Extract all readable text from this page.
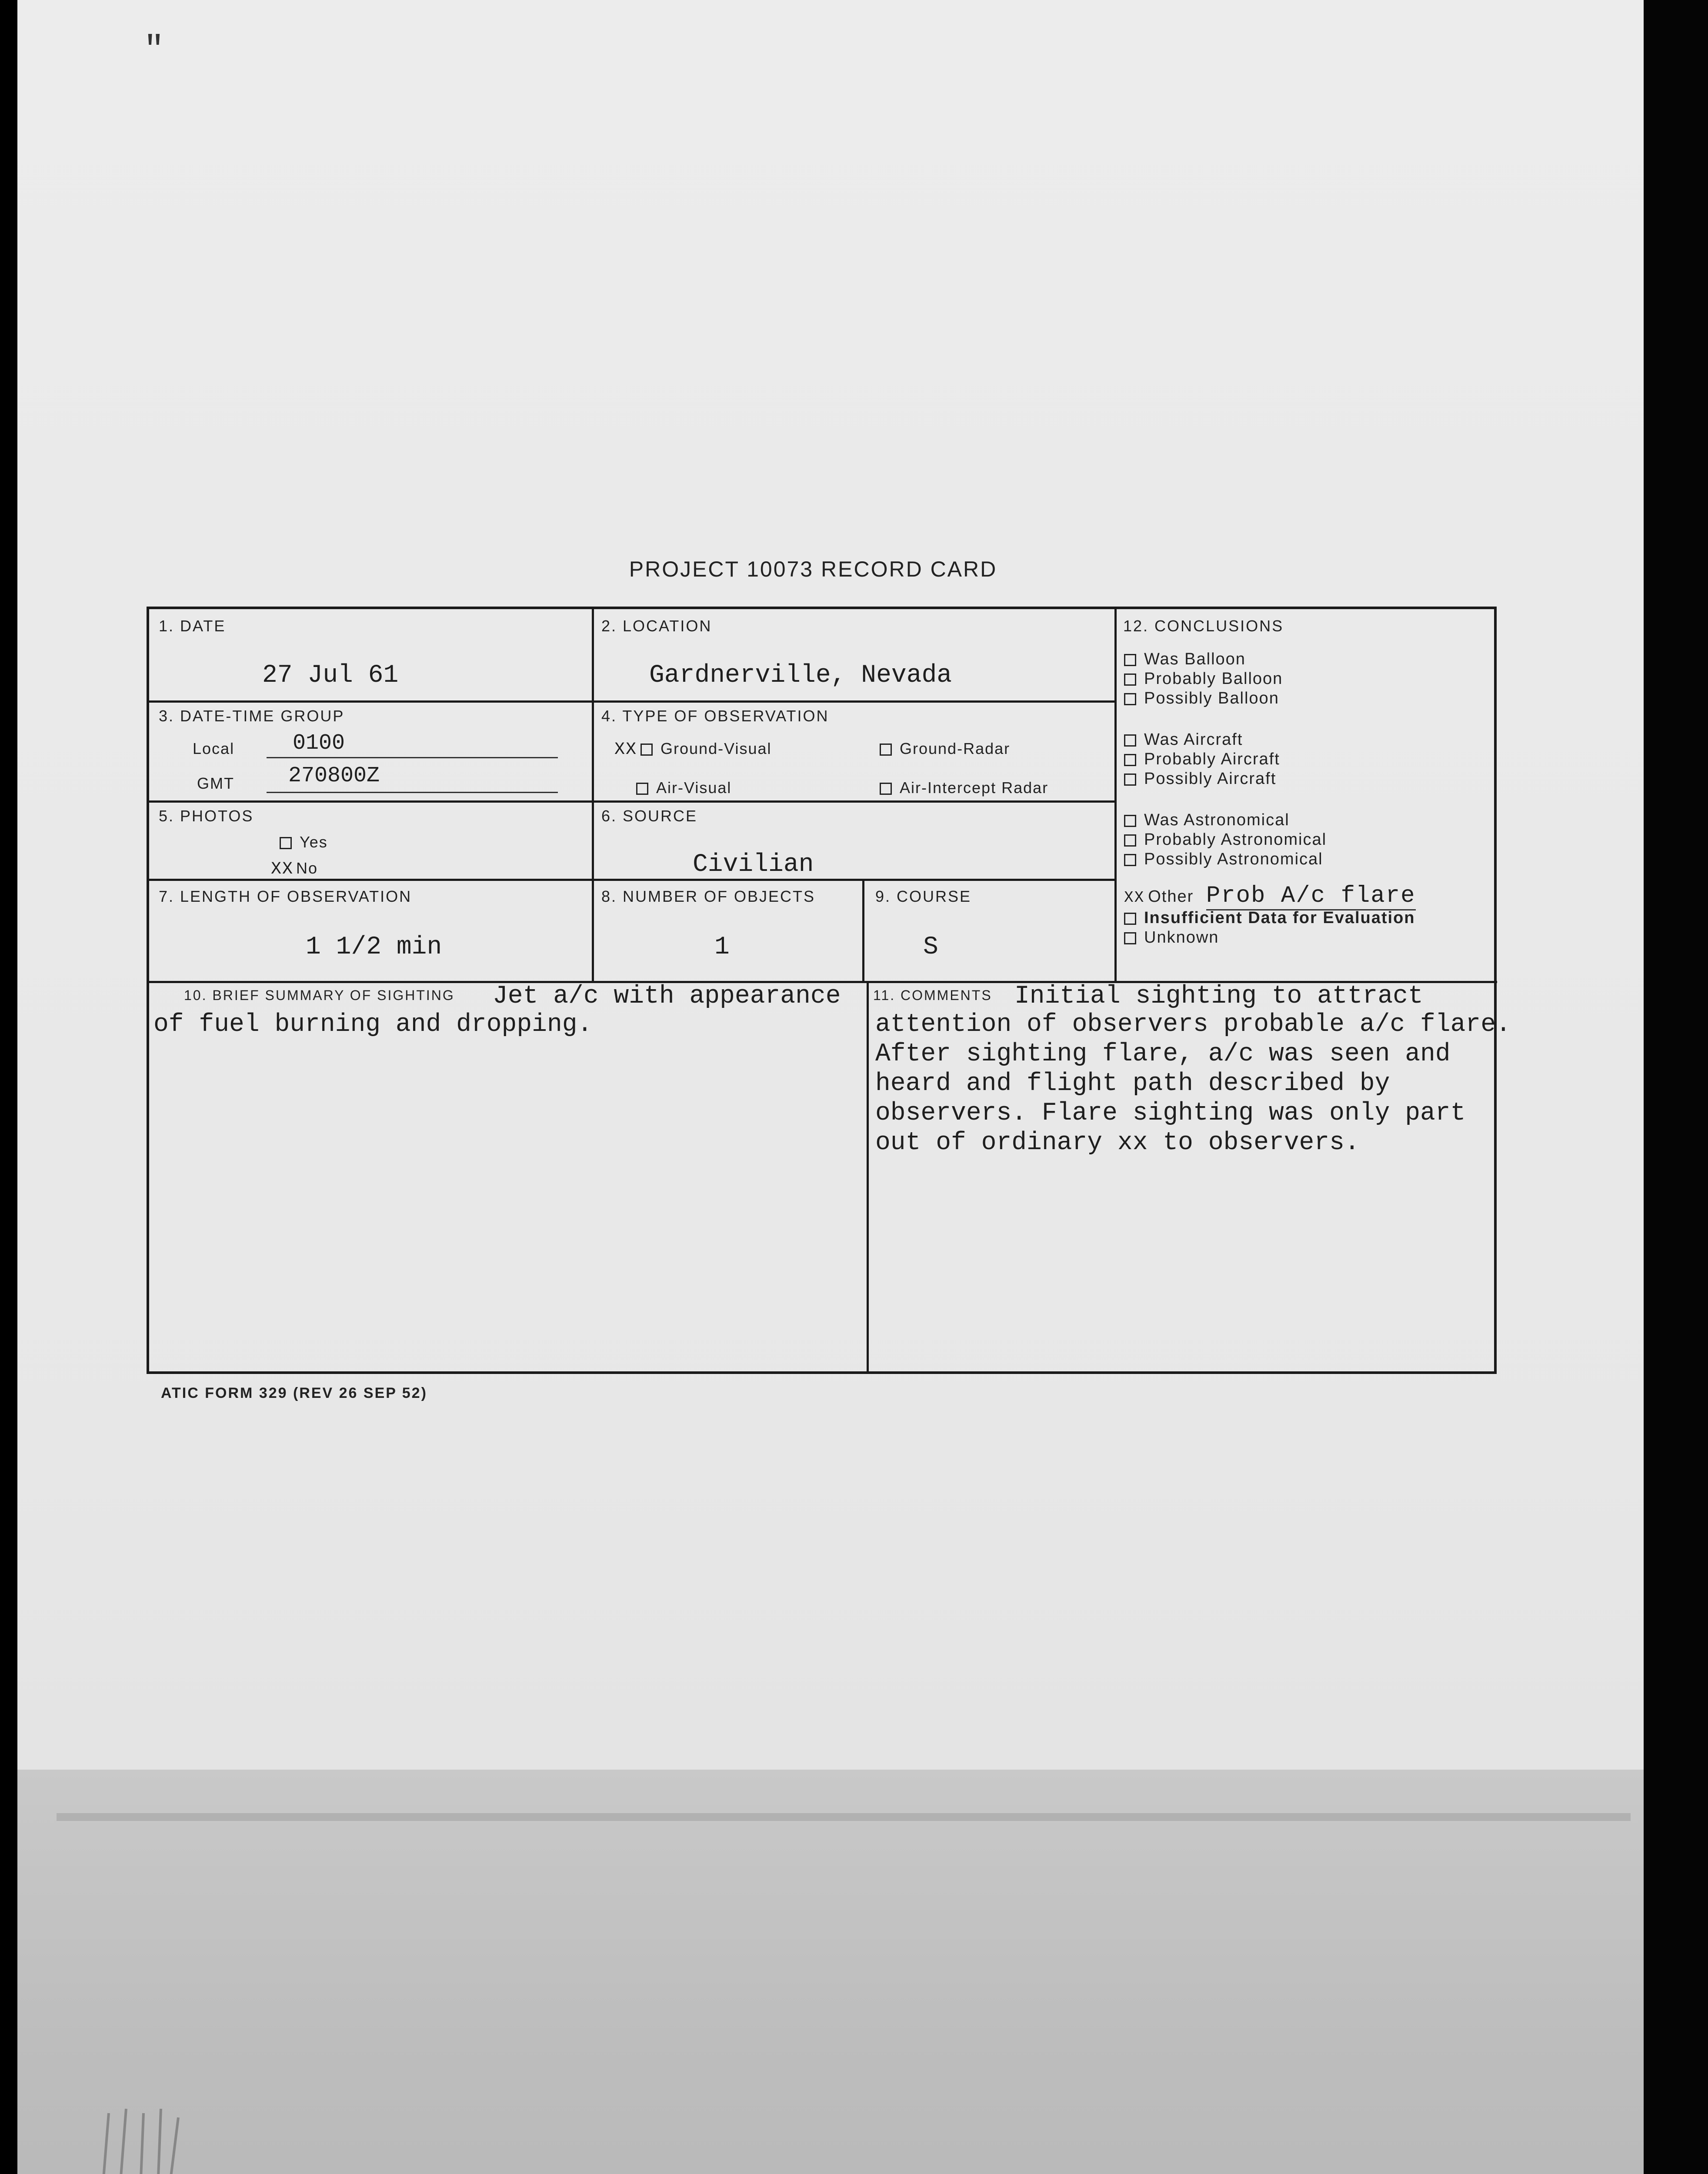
"
PROJECT 10073 RECORD CARD
1. DATE
27 Jul 61
2. LOCATION
Gardnerville, Nevada
3. DATE-TIME GROUP
Local	0100
GMT 270800Z
4. TYPE OF OBSERVATION
XX Ground-Visual	Ground-Radar
Air-Visual	Air-Intercept Radar
5. PHOTOS
Yes
XX No
6. SOURCE
Civilian
7. LENGTH OF OBSERVATION
1 1/2 min
8. NUMBER OF OBJECTS
1
9. COURSE
S
10. BRIEF SUMMARY OF SIGHTING Jet a/c with appearance
of fuel burning and dropping.
11. COMMENTS Initial sighting to attract
attention of observers probable a/c flare.
After sighting flare, a/c was seen and
heard and flight path described by
observers. Flare sighting was only part
out of ordinary xx to observers.
12. CONCLUSIONS
Was Balloon
Probably Balloon
Possibly Balloon
Was Aircraft
Probably Aircraft
Possibly Aircraft
Was Astronomical
Probably Astronomical
Possibly Astronomical
XX Other Prob A/c flare
Insufficient Data for Evaluation
Unknown
ATIC FORM 329 (REV 26 SEP 52)
